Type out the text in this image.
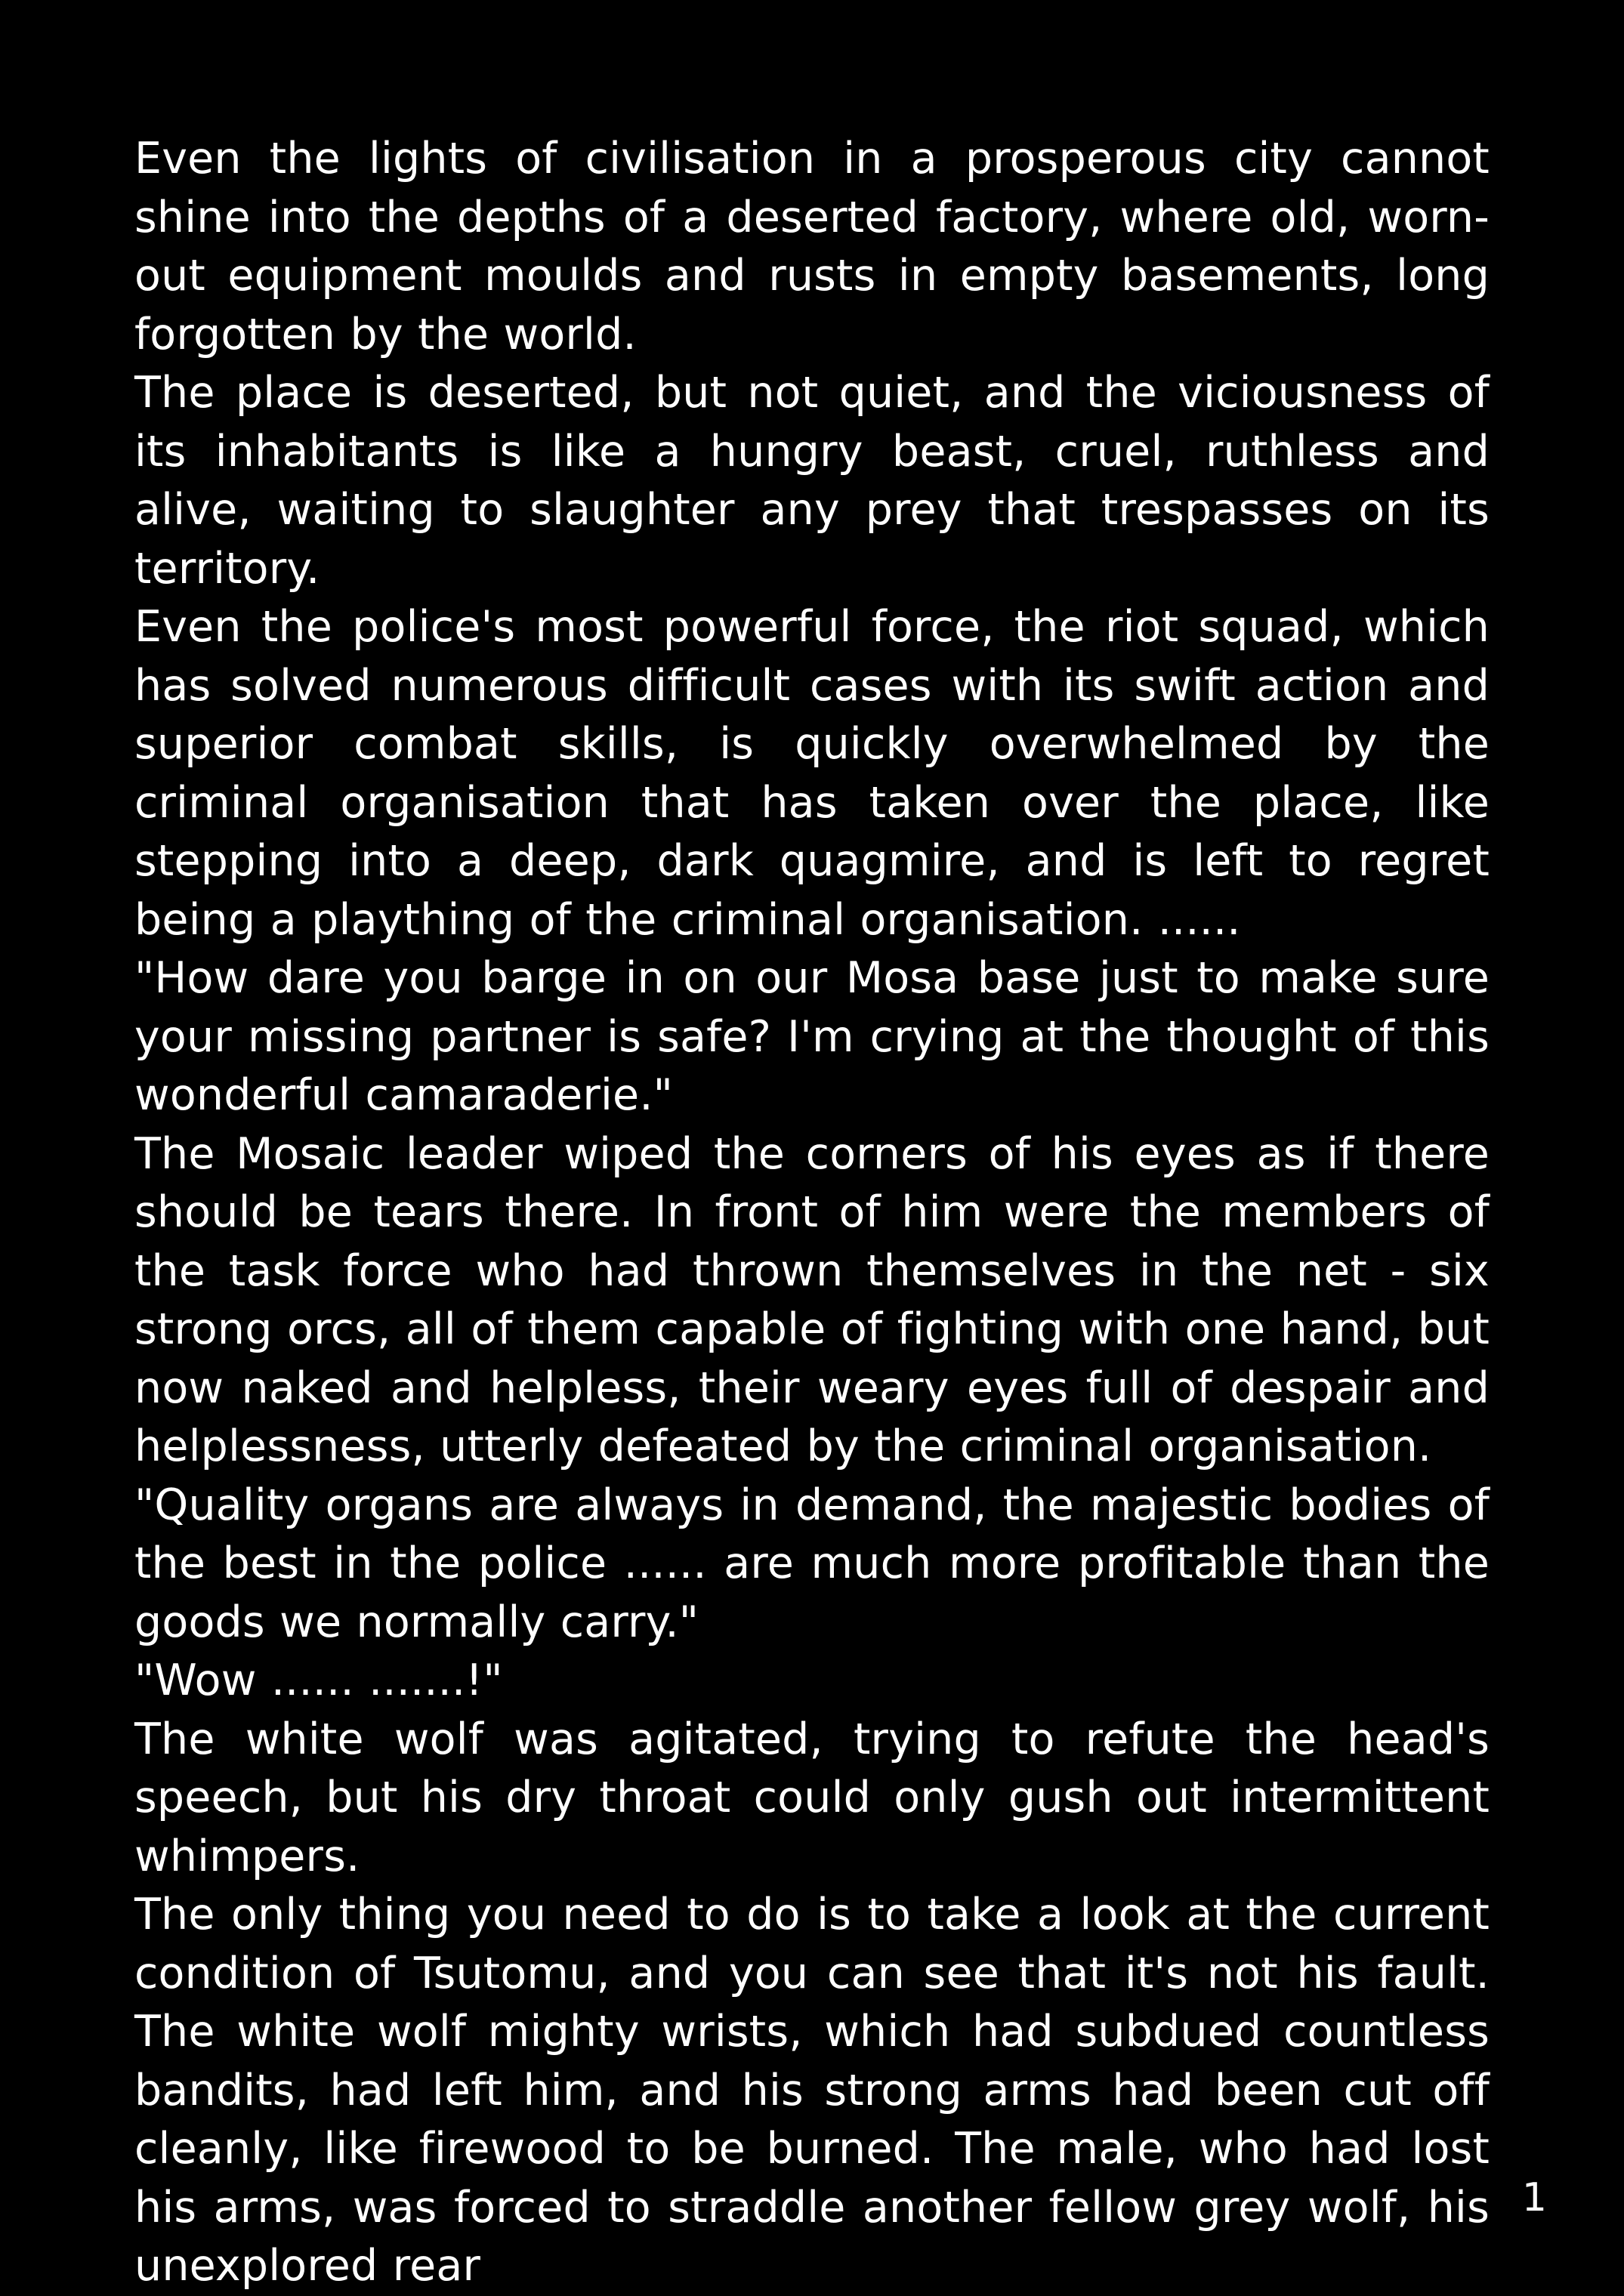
Even the lights of civilisation in a prosperous city cannot shine into the depths of a deserted factory, where old, worn-out equipment moulds and rusts in empty basements, long forgotten by the world.

The place is deserted, but not quiet, and the viciousness of its inhabitants is like a hungry beast, cruel, ruthless and alive, waiting to slaughter any prey that trespasses on its territory.

Even the police's most powerful force, the riot squad, which has solved numerous difficult cases with its swift action and superior combat skills, is quickly overwhelmed by the criminal organisation that has taken over the place, like stepping into a deep, dark quagmire, and is left to regret being a plaything of the criminal organisation. ......

"How dare you barge in on our Mosa base just to make sure your missing partner is safe? I'm crying at the thought of this wonderful camaraderie."

The Mosaic leader wiped the corners of his eyes as if there should be tears there. In front of him were the members of the task force who had thrown themselves in the net - six strong orcs, all of them capable of fighting with one hand, but now naked and helpless, their weary eyes full of despair and helplessness, utterly defeated by the criminal organisation.

"Quality organs are always in demand, the majestic bodies of the best in the police ...... are much more profitable than the goods we normally carry."

"Wow ...... .......!"

The white wolf was agitated, trying to refute the head's speech, but his dry throat could only gush out intermittent whimpers.

The only thing you need to do is to take a look at the current condition of Tsutomu, and you can see that it's not his fault. The white wolf mighty wrists, which had subdued countless bandits, had left him, and his strong arms had been cut off cleanly, like firewood to be burned. The male, who had lost his arms, was forced to straddle another fellow grey wolf, his unexplored rear

1
